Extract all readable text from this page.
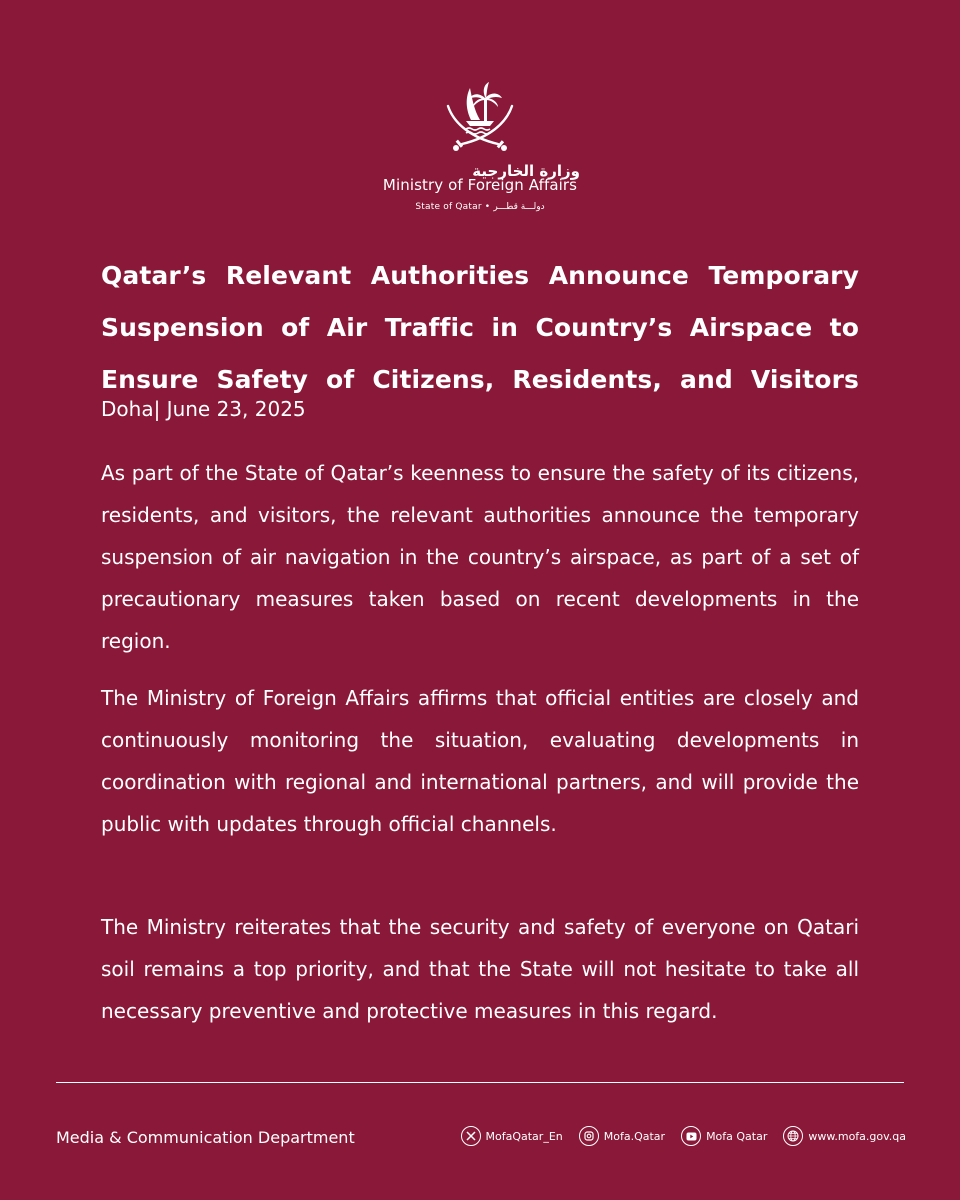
وزارة الخارجية
Ministry of Foreign Affairs
State of Qatar • دولـــة قطـــر
Qatar’s Relevant Authorities Announce Temporary
Suspension of Air Traffic in Country’s Airspace to
Ensure Safety of Citizens, Residents, and Visitors

Doha| June 23, 2025

As part of the State of Qatar’s keenness to ensure the safety of its citizens, residents, and visitors, the relevant authorities announce the temporary suspension of air navigation in the country’s airspace, as part of a set of precautionary measures taken based on recent developments in the region.

The Ministry of Foreign Affairs affirms that official entities are closely and continuously monitoring the situation, evaluating developments in coordination with regional and international partners, and will provide the public with updates through official channels.

The Ministry reiterates that the security and safety of everyone on Qatari soil remains a top priority, and that the State will not hesitate to take all necessary preventive and protective measures in this regard.

Media & Communication Department	MofaQatar_En	Mofa.Qatar	Mofa Qatar	www.mofa.gov.qa
